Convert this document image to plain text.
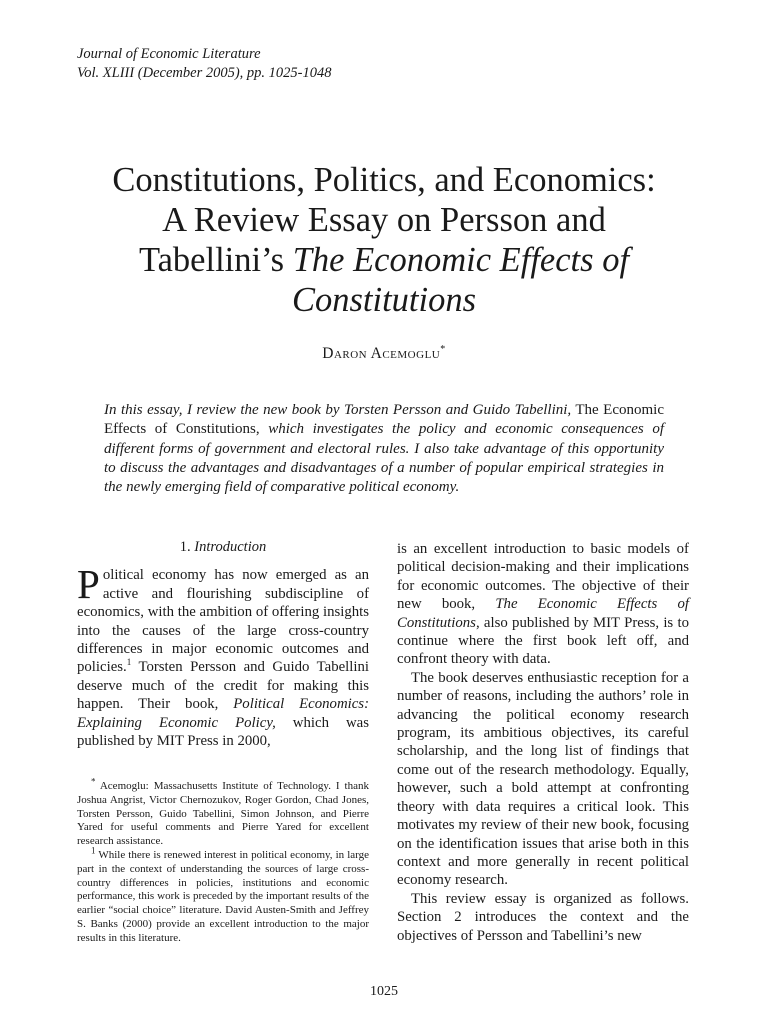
Journal of Economic Literature
Vol. XLIII (December 2005), pp. 1025-1048
Constitutions, Politics, and Economics:
A Review Essay on Persson and
Tabellini’s The Economic Effects of
Constitutions
Daron Acemoglu*
In this essay, I review the new book by Torsten Persson and Guido Tabellini, The Economic Effects of Constitutions, which investigates the policy and economic consequences of different forms of government and electoral rules. I also take advantage of this opportunity to discuss the advantages and disadvantages of a number of popular empirical strategies in the newly emerging field of comparative political economy.
1. Introduction

Political economy has now emerged as an active and flourishing subdiscipline of economics, with the ambition of offering insights into the causes of the large cross-country differences in major economic outcomes and policies.$^1$ Torsten Persson and Guido Tabellini deserve much of the credit for making this happen. Their book, Political Economics: Explaining Economic Policy, which was published by MIT Press in 2000,

* Acemoglu: Massachusetts Institute of Technology. I thank Joshua Angrist, Victor Chernozukov, Roger Gordon, Chad Jones, Torsten Persson, Guido Tabellini, Simon Johnson, and Pierre Yared for useful comments and Pierre Yared for excellent research assistance.

$^1$ While there is renewed interest in political economy, in large part in the context of understanding the sources of large cross-country differences in policies, institutions and economic performance, this work is preceded by the important results of the earlier “social choice” literature. David Austen-Smith and Jeffrey S. Banks (2000) provide an excellent introduction to the major results in this literature.

is an excellent introduction to basic models of political decision-making and their implications for economic outcomes. The objective of their new book, The Economic Effects of Constitutions, also published by MIT Press, is to continue where the first book left off, and confront theory with data.

The book deserves enthusiastic reception for a number of reasons, including the authors’ role in advancing the political economy research program, its ambitious objectives, its careful scholarship, and the long list of findings that come out of the research methodology. Equally, however, such a bold attempt at confronting theory with data requires a critical look. This motivates my review of their new book, focusing on the identification issues that arise both in this context and more generally in recent political economy research.

This review essay is organized as follows. Section 2 introduces the context and the objectives of Persson and Tabellini’s new

1025
